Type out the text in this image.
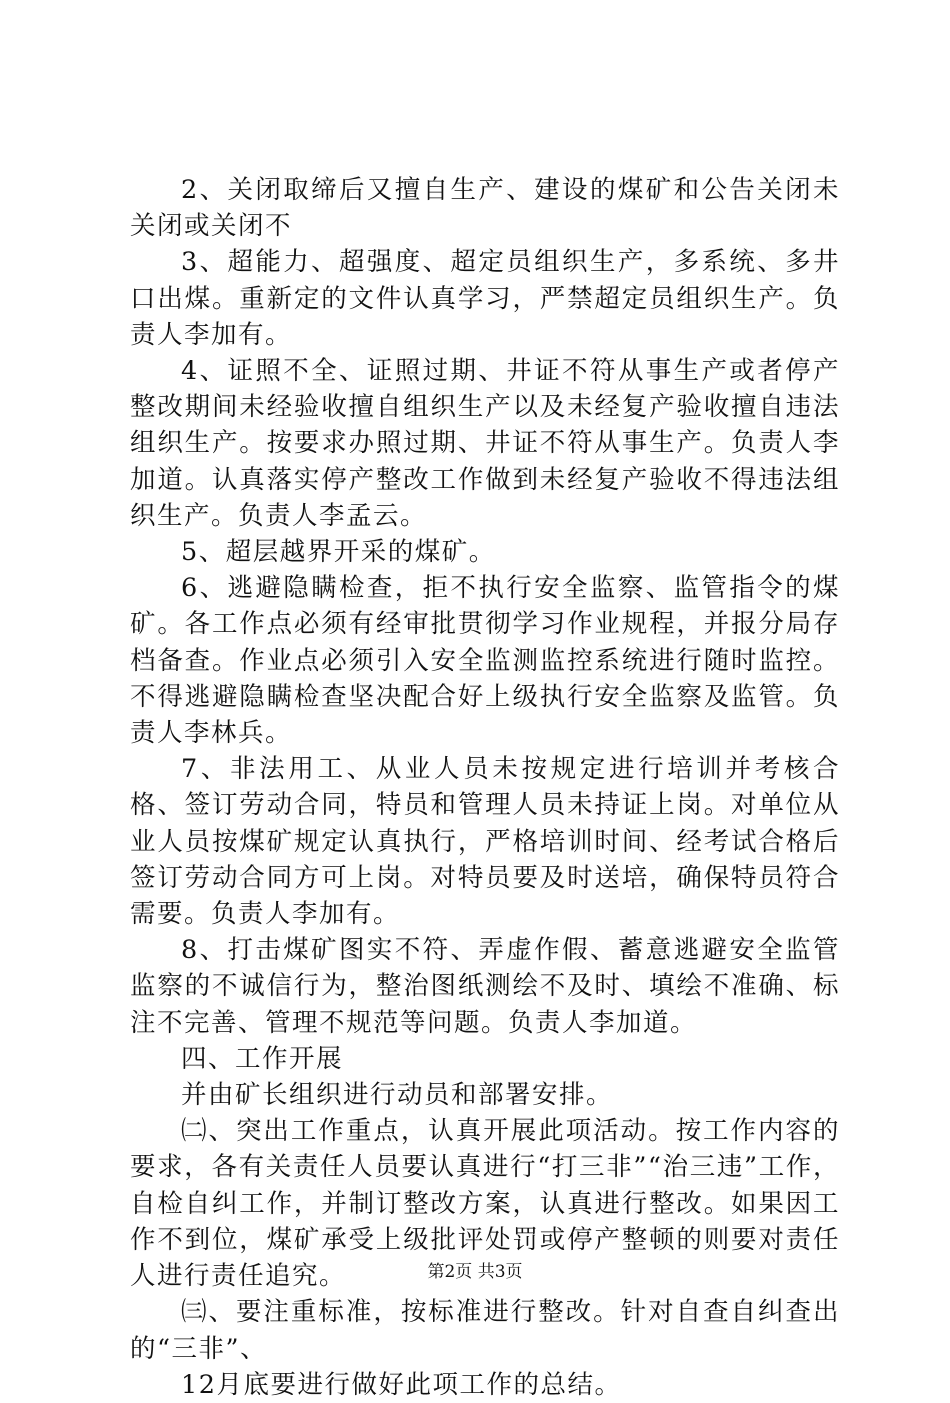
2、关闭取缔后又擅自生产、建设的煤矿和公告关闭未关闭或关闭不

3、超能力、超强度、超定员组织生产，多系统、多井口出煤。重新定的文件认真学习，严禁超定员组织生产。负责人李加有。

4、证照不全、证照过期、井证不符从事生产或者停产整改期间未经验收擅自组织生产以及未经复产验收擅自违法组织生产。按要求办照过期、井证不符从事生产。负责人李加道。认真落实停产整改工作做到未经复产验收不得违法组织生产。负责人李孟云。

5、超层越界开采的煤矿。

6、逃避隐瞒检查，拒不执行安全监察、监管指令的煤矿。各工作点必须有经审批贯彻学习作业规程，并报分局存档备查。作业点必须引入安全监测监控系统进行随时监控。不得逃避隐瞒检查坚决配合好上级执行安全监察及监管。负责人李林兵。

7、非法用工、从业人员未按规定进行培训并考核合格、签订劳动合同，特员和管理人员未持证上岗。对单位从业人员按煤矿规定认真执行，严格培训时间、经考试合格后签订劳动合同方可上岗。对特员要及时送培，确保特员符合需要。负责人李加有。

8、打击煤矿图实不符、弄虚作假、蓄意逃避安全监管监察的不诚信行为，整治图纸测绘不及时、填绘不准确、标注不完善、管理不规范等问题。负责人李加道。

四、工作开展

并由矿长组织进行动员和部署安排。

㈡、突出工作重点，认真开展此项活动。按工作内容的要求，各有关责任人员要认真进行“打三非”“治三违”工作，自检自纠工作，并制订整改方案，认真进行整改。如果因工作不到位，煤矿承受上级批评处罚或停产整顿的则要对责任人进行责任追究。

㈢、要注重标准，按标准进行整改。针对自查自纠查出的“三非”、

12月底要进行做好此项工作的总结。

第2页 共3页
